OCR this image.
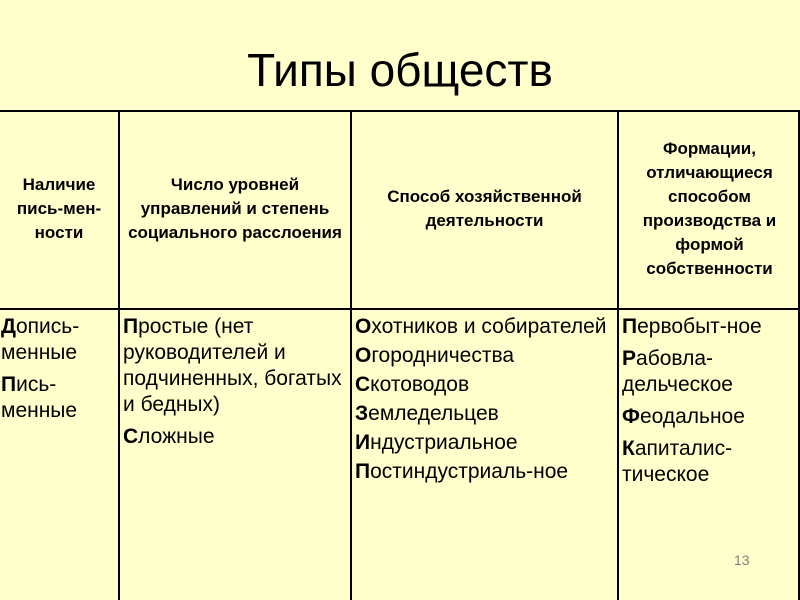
Типы обществ
Наличие пись-мен-ности
Число уровней управлений и степень социального расслоения
Способ хозяйственной деятельности
Формации, отличающиеся способом производства и формой собственности
Допись-менные
Пись-менные
Простые (нет руководителей и подчиненных, богатых и бедных)
Сложные
Охотников и собирателей
Огородничества
Скотоводов
Земледельцев
Индустриальное
Постиндустриаль-ное
Первобыт-ное
Рабовла-дельческое
Феодальное
Капиталис-тическое
13
